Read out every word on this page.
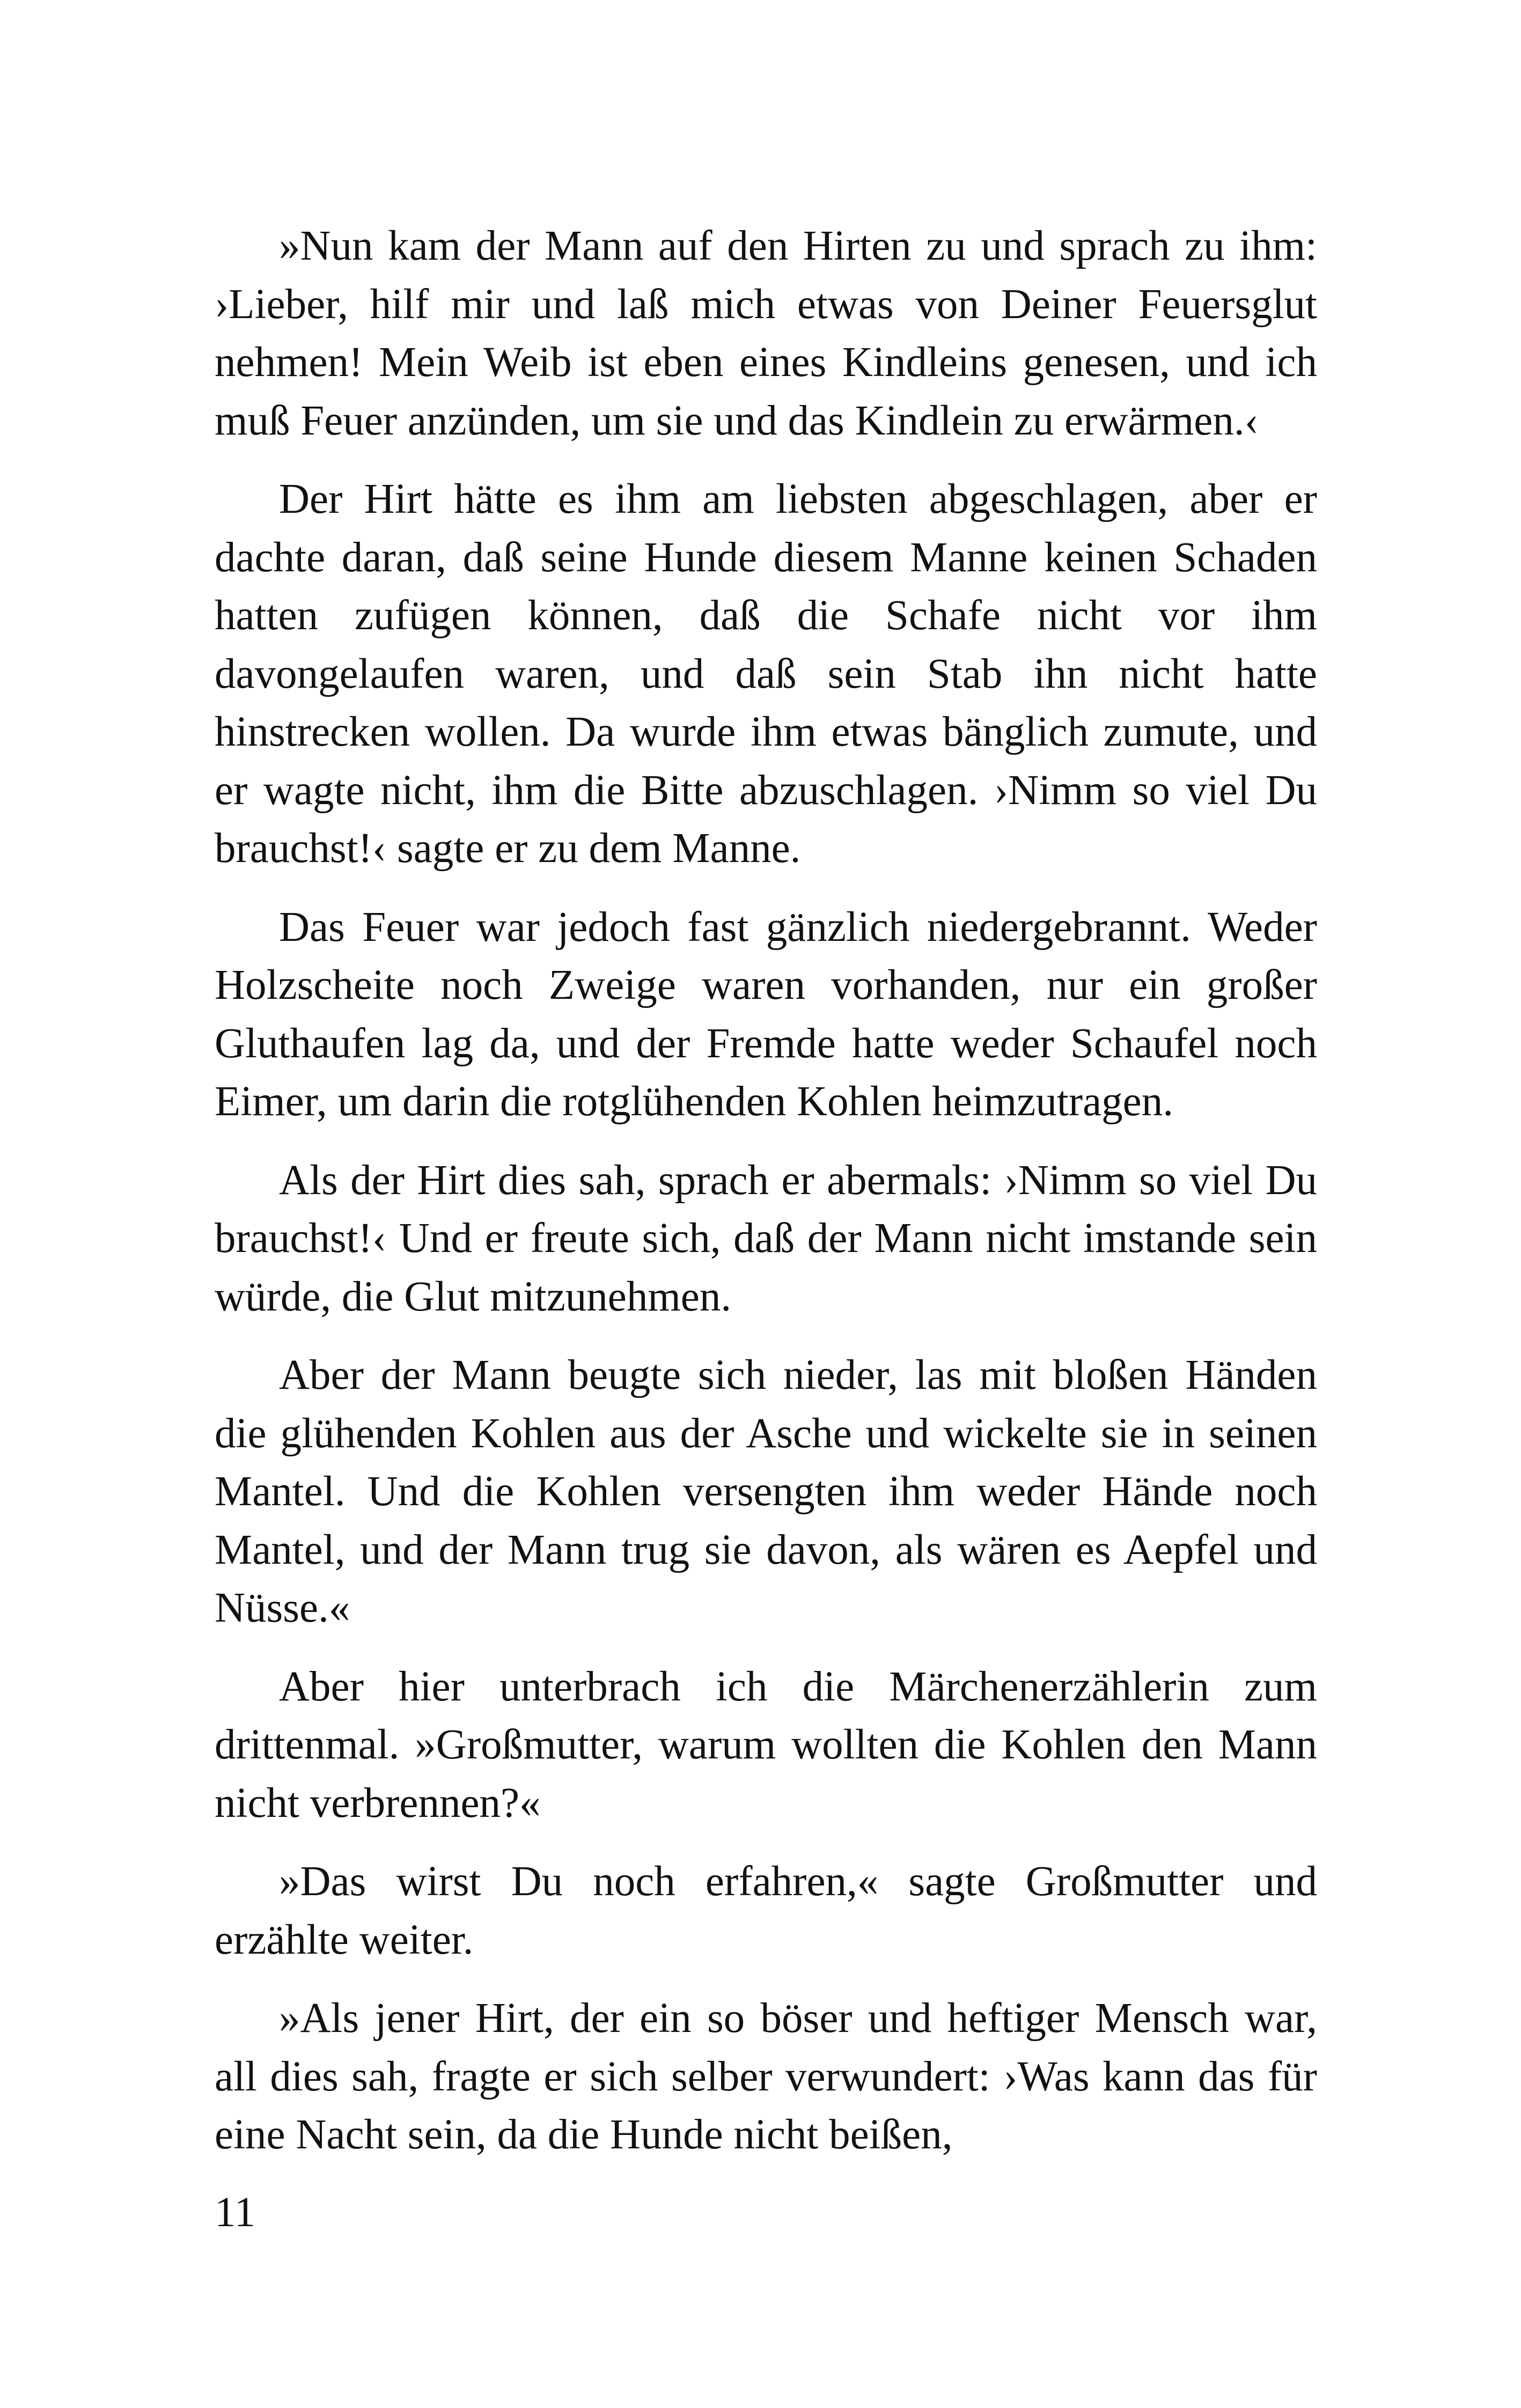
»Nun kam der Mann auf den Hirten zu und sprach zu ihm: ›Lieber, hilf mir und laß mich etwas von Deiner Feuersglut nehmen! Mein Weib ist eben eines Kindleins genesen, und ich muß Feuer anzünden, um sie und das Kindlein zu erwärmen.‹

Der Hirt hätte es ihm am liebsten abgeschlagen, aber er dachte daran, daß seine Hunde diesem Manne keinen Schaden hatten zufügen können, daß die Schafe nicht vor ihm davongelaufen waren, und daß sein Stab ihn nicht hatte hinstrecken wollen. Da wurde ihm etwas bänglich zumute, und er wagte nicht, ihm die Bitte abzuschlagen. ›Nimm so viel Du brauchst!‹ sagte er zu dem Manne.

Das Feuer war jedoch fast gänzlich niedergebrannt. Weder Holzscheite noch Zweige waren vorhanden, nur ein großer Gluthaufen lag da, und der Fremde hatte weder Schaufel noch Eimer, um darin die rotglühenden Kohlen heimzutragen.

Als der Hirt dies sah, sprach er abermals: ›Nimm so viel Du brauchst!‹ Und er freute sich, daß der Mann nicht imstande sein würde, die Glut mitzunehmen.

Aber der Mann beugte sich nieder, las mit bloßen Händen die glühenden Kohlen aus der Asche und wickelte sie in seinen Mantel. Und die Kohlen versengten ihm weder Hände noch Mantel, und der Mann trug sie davon, als wären es Aepfel und Nüsse.«

Aber hier unterbrach ich die Märchenerzählerin zum drittenmal. »Großmutter, warum wollten die Kohlen den Mann nicht verbrennen?«

»Das wirst Du noch erfahren,« sagte Großmutter und erzählte weiter.

»Als jener Hirt, der ein so böser und heftiger Mensch war, all dies sah, fragte er sich selber verwundert: ›Was kann das für eine Nacht sein, da die Hunde nicht beißen,

11
